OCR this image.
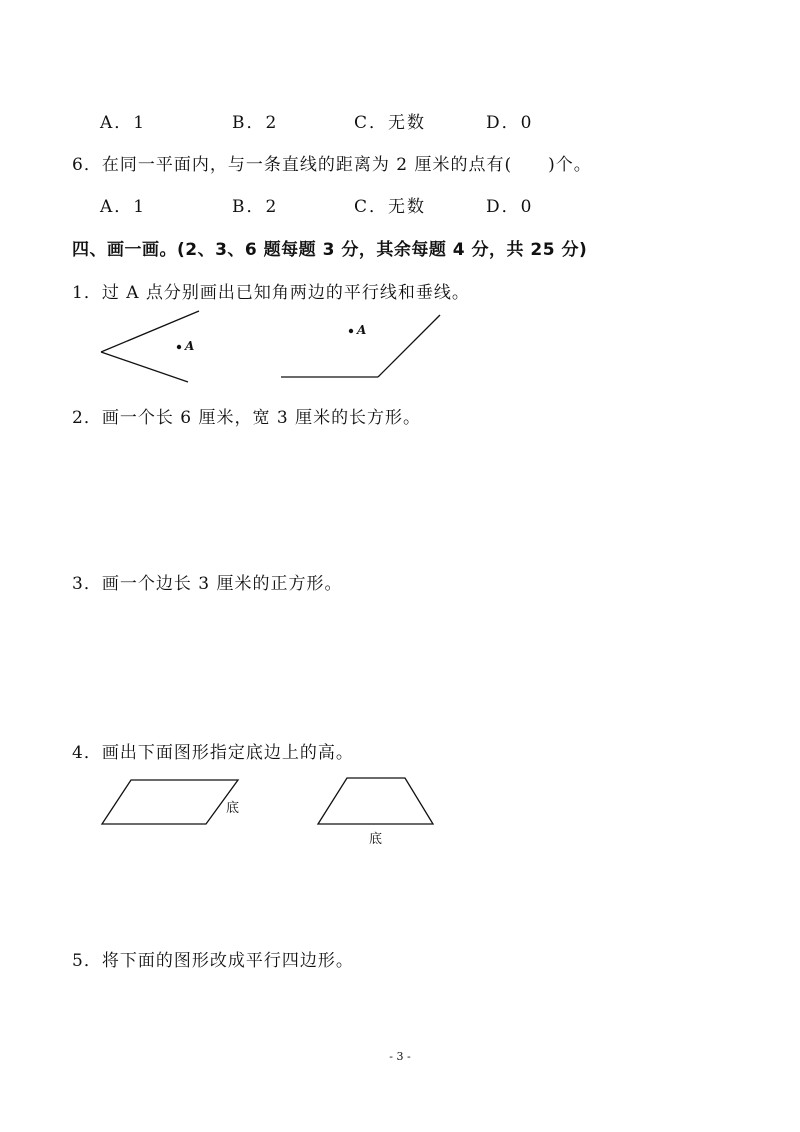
A．1	B．2	C．无数	D．0
6．在同一平面内，与一条直线的距离为 2 厘米的点有(　　)个。
A．1	B．2	C．无数	D．0
四、画一画。(2、3、6 题每题 3 分，其余每题 4 分，共 25 分)
1．过 A 点分别画出已知角两边的平行线和垂线。
A
A
2．画一个长 6 厘米，宽 3 厘米的长方形。
3．画一个边长 3 厘米的正方形。
4．画出下面图形指定底边上的高。
底
底
5．将下面的图形改成平行四边形。
- 3 -
